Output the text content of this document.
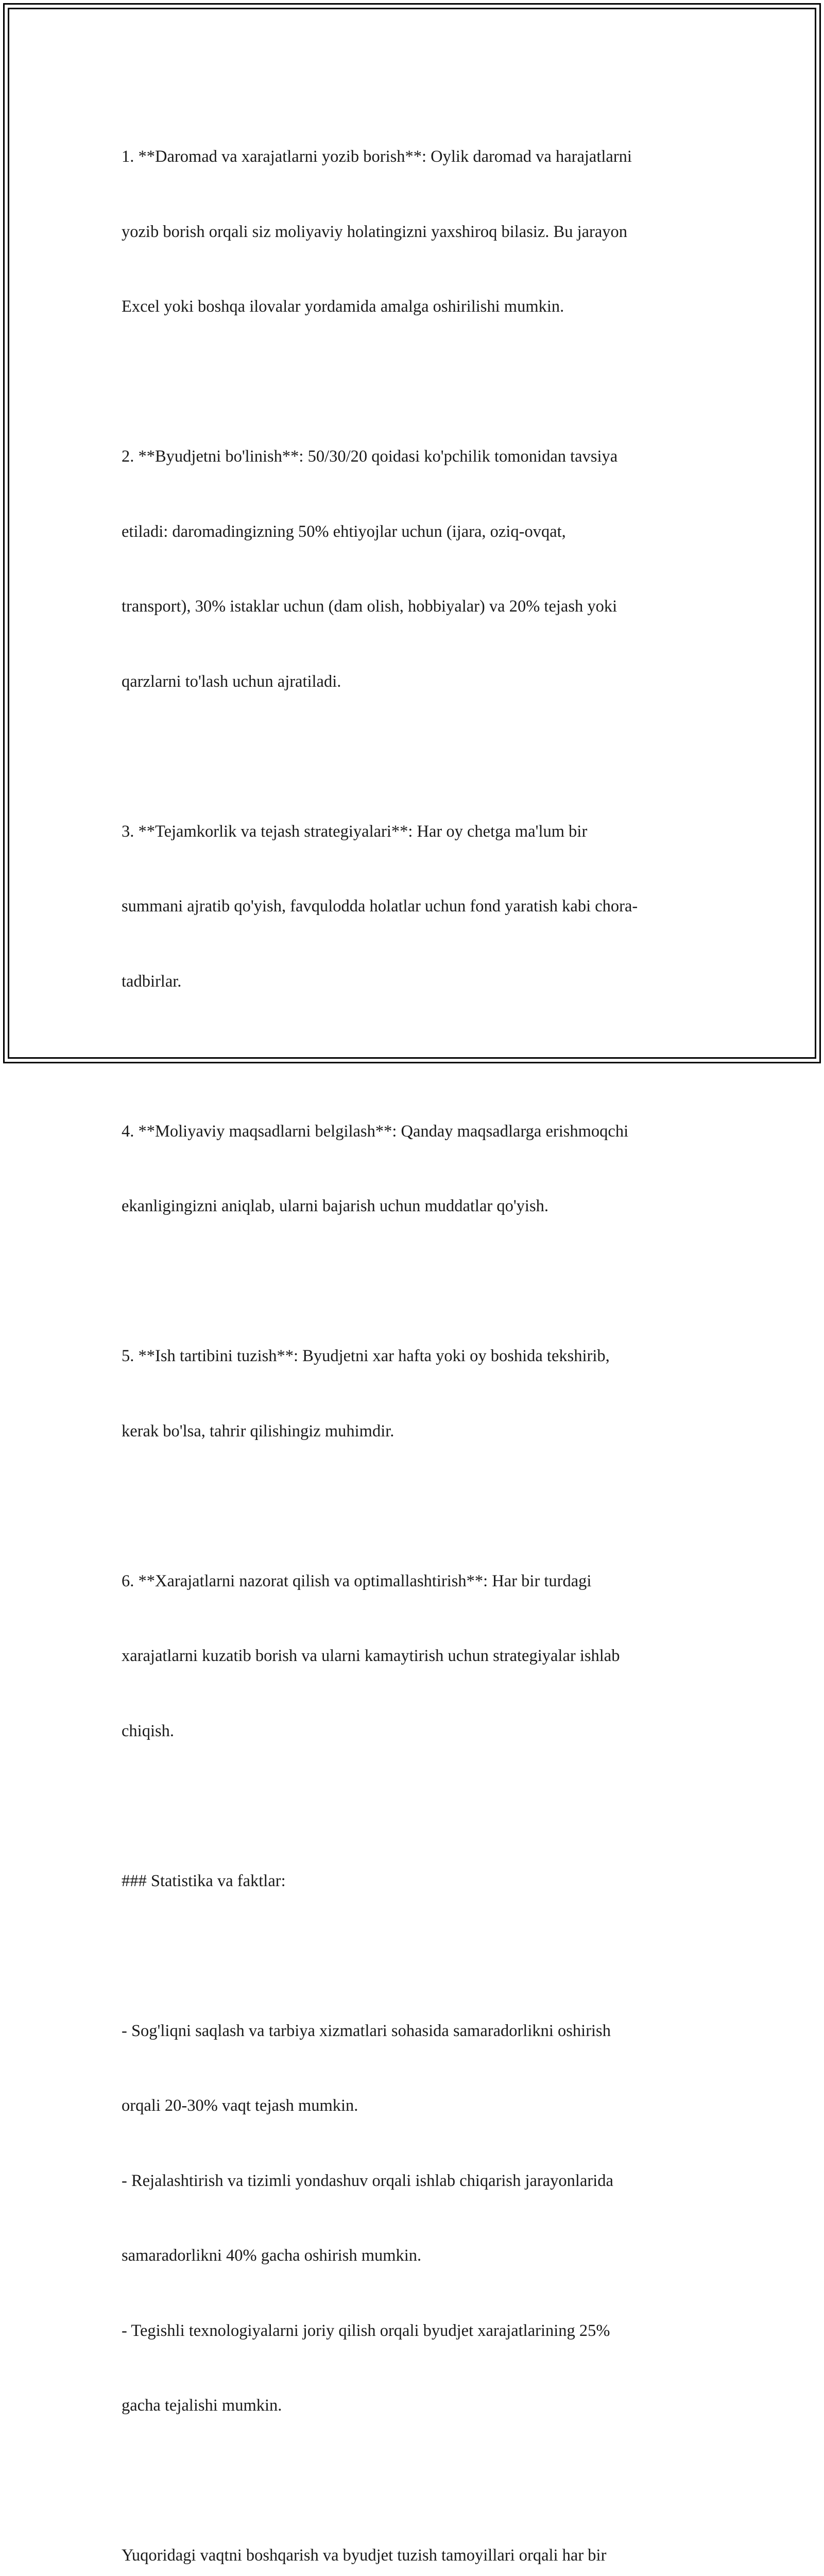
1. **Daromad va xarajatlarni yozib borish**: Oylik daromad va harajatlarni

yozib borish orqali siz moliyaviy holatingizni yaxshiroq bilasiz. Bu jarayon

Excel yoki boshqa ilovalar yordamida amalga oshirilishi mumkin.

2. **Byudjetni bo'linish**: 50/30/20 qoidasi ko'pchilik tomonidan tavsiya

etiladi: daromadingizning 50% ehtiyojlar uchun (ijara, oziq-ovqat,

transport), 30% istaklar uchun (dam olish, hobbiyalar) va 20% tejash yoki

qarzlarni to'lash uchun ajratiladi.

3. **Tejamkorlik va tejash strategiyalari**: Har oy chetga ma'lum bir

summani ajratib qo'yish, favqulodda holatlar uchun fond yaratish kabi chora-

tadbirlar.

4. **Moliyaviy maqsadlarni belgilash**: Qanday maqsadlarga erishmoqchi

ekanligingizni aniqlab, ularni bajarish uchun muddatlar qo'yish.

5. **Ish tartibini tuzish**: Byudjetni xar hafta yoki oy boshida tekshirib,

kerak bo'lsa, tahrir qilishingiz muhimdir.

6. **Xarajatlarni nazorat qilish va optimallashtirish**: Har bir turdagi

xarajatlarni kuzatib borish va ularni kamaytirish uchun strategiyalar ishlab

chiqish.

### Statistika va faktlar:

- Sog'liqni saqlash va tarbiya xizmatlari sohasida samaradorlikni oshirish

orqali 20-30% vaqt tejash mumkin.

- Rejalashtirish va tizimli yondashuv orqali ishlab chiqarish jarayonlarida

samaradorlikni 40% gacha oshirish mumkin.

- Tegishli texnologiyalarni joriy qilish orqali byudjet xarajatlarining 25%

gacha tejalishi mumkin.

Yuqoridagi vaqtni boshqarish va byudjet tuzish tamoyillari orqali har bir
